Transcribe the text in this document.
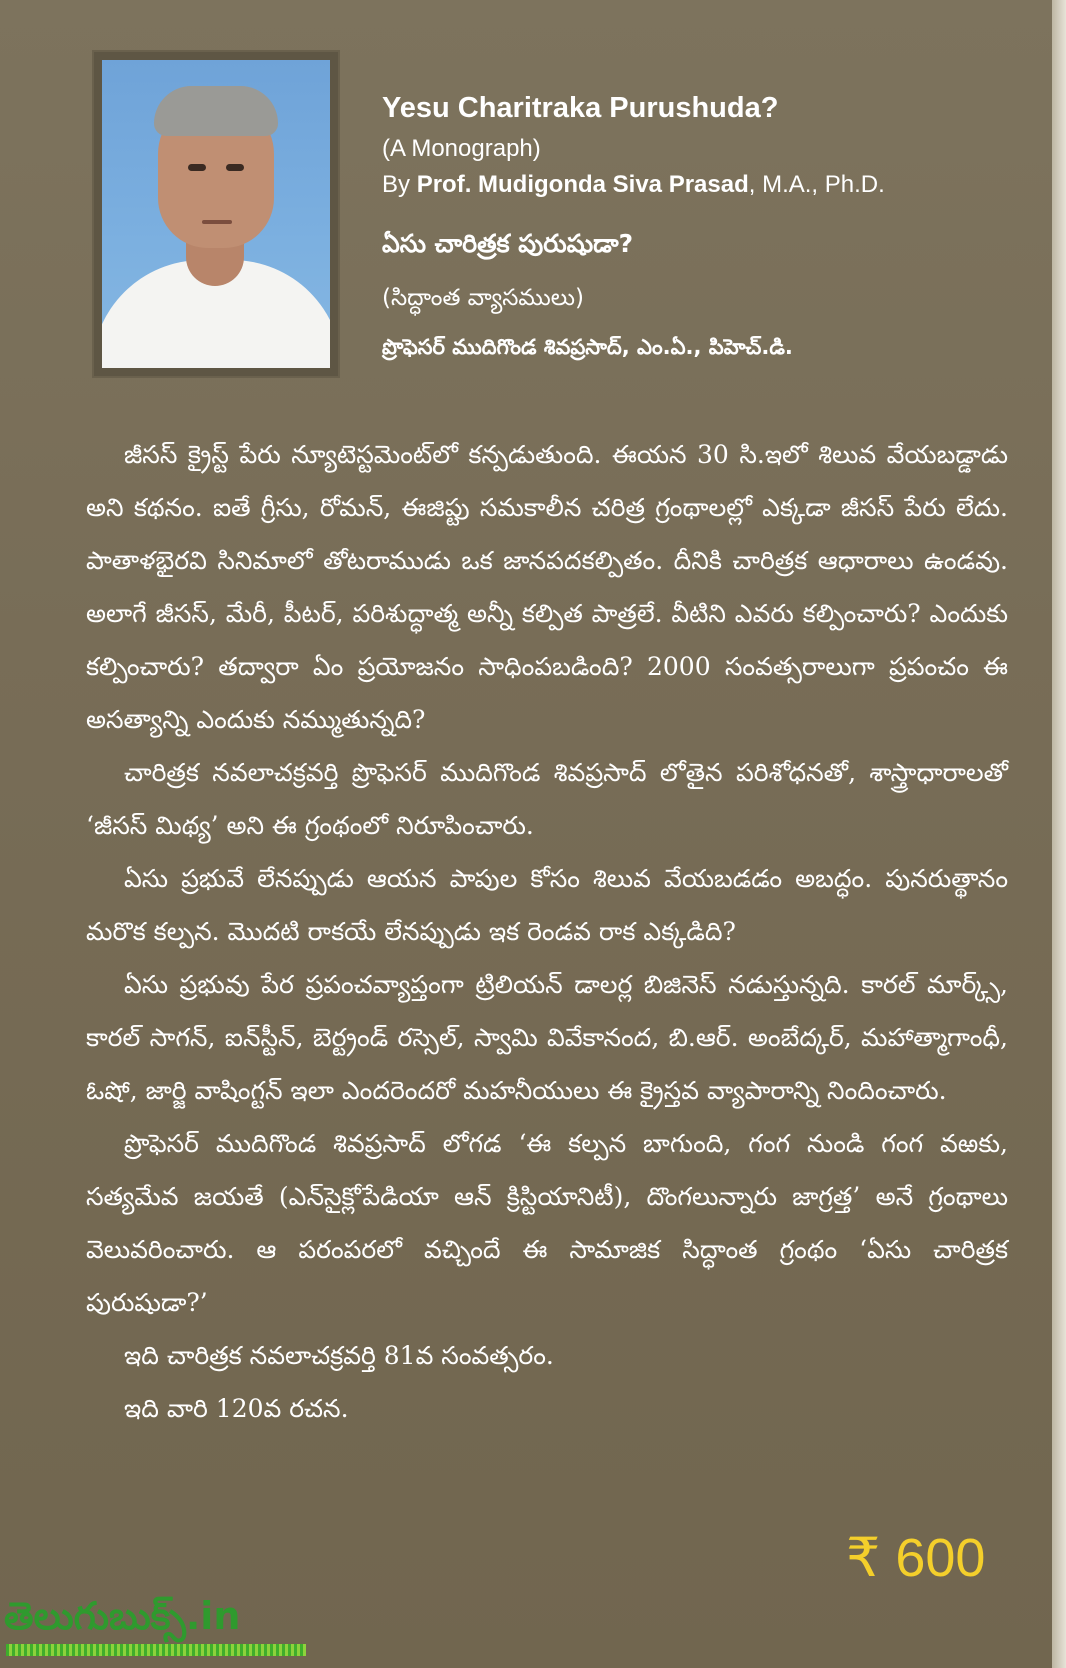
Yesu Charitraka Purushuda?
(A Monograph)
By Prof. Mudigonda Siva Prasad, M.A., Ph.D.
ఏసు చారిత్రక పురుషుడా?
(సిద్ధాంత వ్యాసములు)
ప్రొఫెసర్ ముదిగొండ శివప్రసాద్, ఎం.ఏ., పిహెచ్.డి.

జీసస్ క్రైస్ట్ పేరు న్యూటెస్టమెంట్‌లో కన్పడుతుంది. ఈయన 30 సి.ఇలో శిలువ వేయబడ్డాడు అని కథనం. ఐతే గ్రీసు, రోమన్, ఈజిప్టు సమకాలీన చరిత్ర గ్రంథాలల్లో ఎక్కడా జీసస్ పేరు లేదు. పాతాళభైరవి సినిమాలో తోటరాముడు ఒక జానపదకల్పితం. దీనికి చారిత్రక ఆధారాలు ఉండవు. అలాగే జీసస్, మేరీ, పీటర్, పరిశుద్ధాత్మ అన్నీ కల్పిత పాత్రలే. వీటిని ఎవరు కల్పించారు? ఎందుకు కల్పించారు? తద్వారా ఏం ప్రయోజనం సాధింపబడింది? 2000 సంవత్సరాలుగా ప్రపంచం ఈ అసత్యాన్ని ఎందుకు నమ్ముతున్నది?

చారిత్రక నవలాచక్రవర్తి ప్రొఫెసర్ ముదిగొండ శివప్రసాద్ లోతైన పరిశోధనతో, శాస్త్రాధారాలతో ‘జీసస్ మిథ్య’ అని ఈ గ్రంథంలో నిరూపించారు.

ఏసు ప్రభువే లేనప్పుడు ఆయన పాపుల కోసం శిలువ వేయబడడం అబద్ధం. పునరుత్థానం మరొక కల్పన. మొదటి రాకయే లేనప్పుడు ఇక రెండవ రాక ఎక్కడిది?

ఏసు ప్రభువు పేర ప్రపంచవ్యాప్తంగా ట్రిలియన్ డాలర్ల బిజినెస్ నడుస్తున్నది. కారల్ మార్క్స్, కారల్ సాగన్, ఐన్‌స్టీన్, బెర్ట్రండ్ రస్సెల్, స్వామి వివేకానంద, బి.ఆర్. అంబేద్కర్, మహాత్మాగాంధీ, ఓషో, జార్జి వాషింగ్టన్ ఇలా ఎందరెందరో మహనీయులు ఈ క్రైస్తవ వ్యాపారాన్ని నిందించారు.

ప్రొఫెసర్ ముదిగొండ శివప్రసాద్ లోగడ ‘ఈ కల్పన బాగుంది, గంగ నుండి గంగ వఱకు, సత్యమేవ జయతే (ఎన్‌సైక్లోపేడియా ఆన్ క్రిస్టియానిటీ), దొంగలున్నారు జాగ్రత్త’ అనే గ్రంథాలు వెలువరించారు. ఆ పరంపరలో వచ్చిందే ఈ సామాజిక సిద్ధాంత గ్రంథం ‘ఏసు చారిత్రక పురుషుడా?’

ఇది చారిత్రక నవలాచక్రవర్తి 81వ సంవత్సరం.

ఇది వారి 120వ రచన.

₹ 600
తెలుగుబుక్స్.in
